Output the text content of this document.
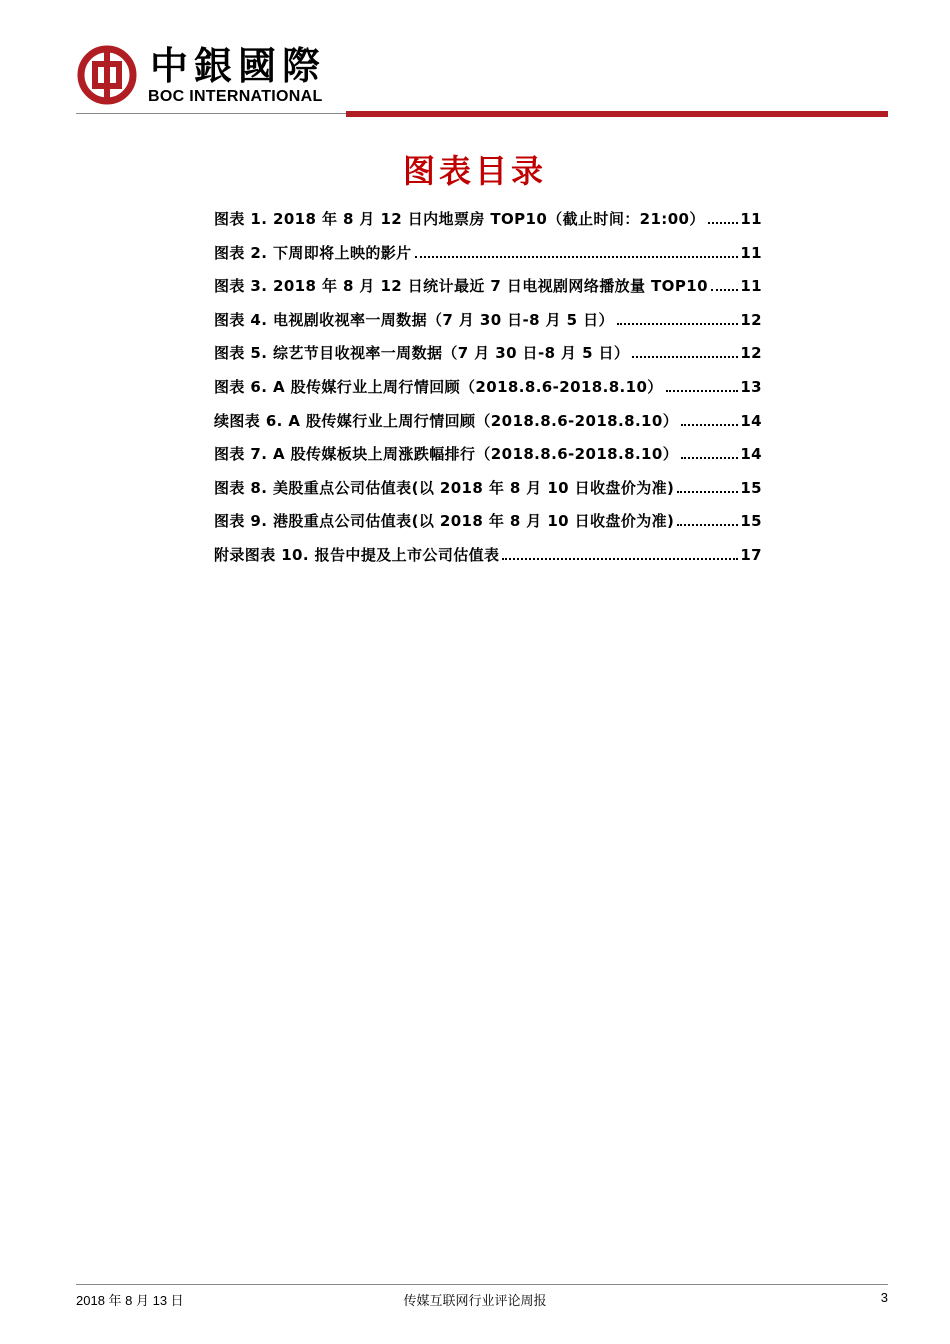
中銀國際
BOC INTERNATIONAL
图表目录
图表 1. 2018 年 8 月 12 日内地票房 TOP10（截止时间：21:00） 11
图表 2. 下周即将上映的影片	11
图表 3. 2018 年 8 月 12 日统计最近 7 日电视剧网络播放量 TOP10 11
图表 4. 电视剧收视率一周数据（7 月 30 日-8 月 5 日）	12
图表 5. 综艺节目收视率一周数据（7 月 30 日-8 月 5 日）	12
图表 6. A 股传媒行业上周行情回顾（2018.8.6-2018.8.10）	13
续图表 6. A 股传媒行业上周行情回顾（2018.8.6-2018.8.10）	14
图表 7. A 股传媒板块上周涨跌幅排行（2018.8.6-2018.8.10）	14
图表 8. 美股重点公司估值表(以 2018 年 8 月 10 日收盘价为准)	15
图表 9. 港股重点公司估值表(以 2018 年 8 月 10 日收盘价为准)	15
附录图表 10. 报告中提及上市公司估值表	17
2018 年 8 月 13 日	传媒互联网行业评论周报	3
